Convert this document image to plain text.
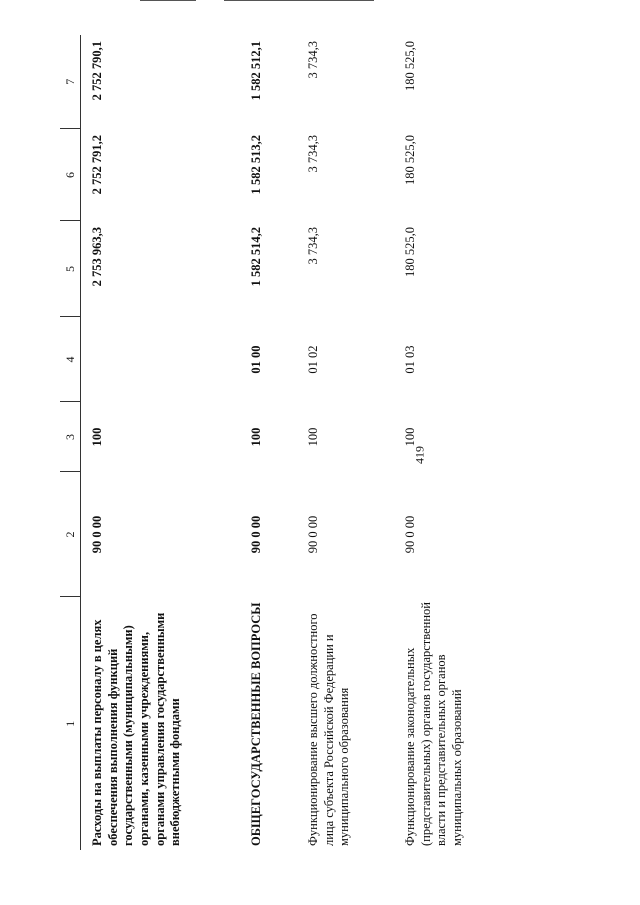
419
1	2	3	4	5	6	7
Расходы на выплаты персоналу в целях обеспечения выполнения функций государственными (муниципальными) органами, казенными учреждениями, органами управления государственными внебюджетными фондами	90 0 00	100		2 753 963,3	2 752 791,2	2 752 790,1
ОБЩЕГОСУДАРСТВЕННЫЕ ВОПРОСЫ	90 0 00	100	01 00	1 582 514,2	1 582 513,2	1 582 512,1
Функционирование высшего должностного лица субъекта Российской Федерации и муниципального образования	90 0 00	100	01 02	3 734,3	3 734,3	3 734,3
Функционирование законодательных (представительных) органов государственной власти и представительных органов муниципальных образований	90 0 00	100	01 03	180 525,0	180 525,0	180 525,0
